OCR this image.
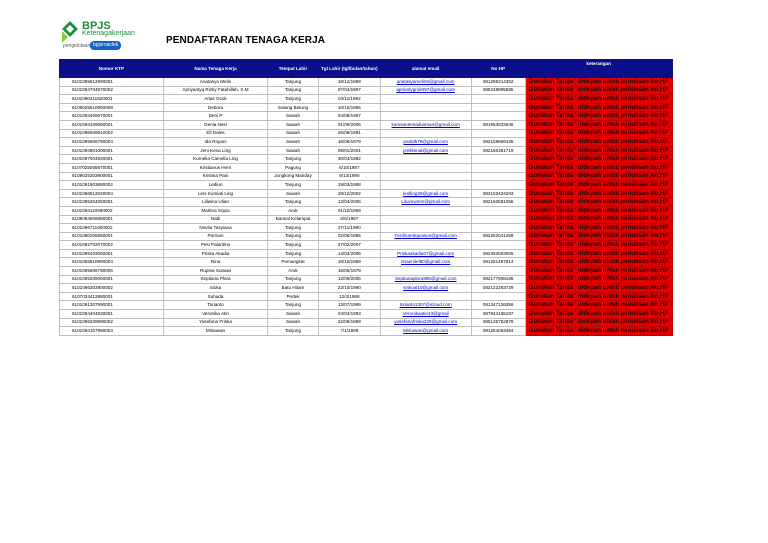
BPJS
Ketenagakerjaan
pengelolaan bpjsroaclek	PENDAFTARAN TENAGA KERJA
Nomor KTP	Nama Tenaga Kerja	Tempat Lahir	Tgl Lahir (tgl/bulan/tahun)	alamat email	No HP	keterangan
6101095812990001	Anatasya Melin	Tanjung	18/12/1999	anatasyamelin6@gmail.com	081295214352	Gunakan Tanda ' didepan untuk penulisan No.HP
6101094704970002	Apriyantyq Rizky Fatahillah, S.M	Tanjung	07/04/1997	apriantygridet97@gmail.com	085248895585	Gunakan Tanda ' didepan untuk penulisan No.HP
6101090411920001	Arias Ocok	Tanjung	04/11/1992			Gunakan Tanda ' didepan untuk penulisan No.HP
6109025510950008	Debora	Sulang Betung	10/15/1995			Gunakan Tanda ' didepan untuk penulisan No.HP
6101094409670001	Deni P	Sawah	04/09/1967			Gunakan Tanda ' didepan untuk penulisan No.HP
6101094109060001	Denia Nesi	Sawah	01/09/2006	kamsantemadusman@gmail.com	081554833645	Gunakan Tanda ' didepan untuk penulisan No.HP
6101096509910002	Eli Dales	Sawah	25/09/1991			Gunakan Tanda ' didepan untuk penulisan No.HP
6101095606790004	Ida Royani	Sawah	16/06/1979	pedid579@gmail.com	082159866435	Gunakan Tanda ' didepan untuk penulisan No.HP
6101094901000001	Jeni Kena Ling	Sawah	09/01/2001	jenilkenal@gmail.com	082150361719	Gunakan Tanda ' didepan untuk penulisan No.HP
6101097004820001	Kornelia Camelia Ling	Tanjung	30/04/1982			Gunakan Tanda ' didepan untuk penulisan No.HP
6107025008870001	Kristianus Herri	Pagung	6/10/1987			Gunakan Tanda ' didepan untuk penulisan No.HP
6109025303900001	Kristina Pani	Jongkong Manday	9/13/1990			Gunakan Tanda ' didepan untuk penulisan No.HP
6101091903880002	Lediun	Tanjung	19/03/1988			Gunakan Tanda ' didepan untuk penulisan No.HP
6101096812020004	Leni Kumiati Ling	Sawah	28/12/2002	lenlling28@gmail.com	083153434293	Gunakan Tanda ' didepan untuk penulisan No.HP
6101095304060001	Liliwina Ulian	Tanjung	13/04/2006	Liluvnwmm@gmail.com	082150581056	Gunakan Tanda ' didepan untuk penulisan No.HP
6101094110990002	Martina Sopia	Aruk	01/10/1999			Gunakan Tanda ' didepan untuk penulisan No.HP
6108084606880001	Natti	Bansal Kelampai	6/6/1987			Gunakan Tanda ' didepan untuk penulisan No.HP
6101096711900002	Novita Tasyiana	Tanjung	27/11/1990			Gunakan Tanda ' didepan untuk penulisan No.HP
6101090206850001	Parman	Tanjung	02/06/1985	Ferdinandquawuo@gmail.com	082252041458	Gunakan Tanda ' didepan untuk penulisan No.HP
6101092702070002	Pesi Palantino	Tanjung	27/02/2007			Gunakan Tanda ' didepan untuk penulisan No.HP
6101095403060001	Priska Akadia	Tanjung	14/03/2006	Priskaakadia07@gmail.com	082353003005	Gunakan Tanda ' didepan untuk penulisan No.HP
6101055810890004	Rina	Pemangkat	18/10/1989	rinaemlel80@gmail.com	081251467914	Gunakan Tanda ' didepan untuk penulisan No.HP
6101095606790005	Rupina Sunawi	Aruk	16/06/1979			Gunakan Tanda ' didepan untuk penulisan No.HP
6101095209050001	Septiana Plora	Tanjung	12/09/2005	Septianaplora985@gmail.com	082177908186	Gunakan Tanda ' didepan untuk penulisan No.HP
6101096303900002	Sioka	Batu Hitam	23/10/1990	sinkoal10@gmail.com	082122283729	Gunakan Tanda ' didepan untuk penulisan No.HP
6107034412880001	Suhada	Pedek	12/4/1988			Gunakan Tanda ' didepan untuk penulisan No.HP
6101091307990001	Torianto	Tanjung	13/07/1999	torianto1307@icloud.com	081347136356	Gunakan Tanda ' didepan untuk penulisan No.HP
6101094404930001	Veronika Atin	Sawah	04/04/1993	Veronikaatin43@gmail	087844165197	Gunakan Tanda ' didepan untuk penulisan No.HP
6101096209990002	Yosefana Friska	Sawah	22/09/1999	yosefanafriska229@gmail.com	085135752878	Gunakan Tanda ' didepan untuk penulisan No.HP
6101094107990003	Misiawan	Tanjung	7/1/1999	Misiawan@gmail.com	081254063484	Gunakan Tanda ' didepan untuk penulisan No.HP
